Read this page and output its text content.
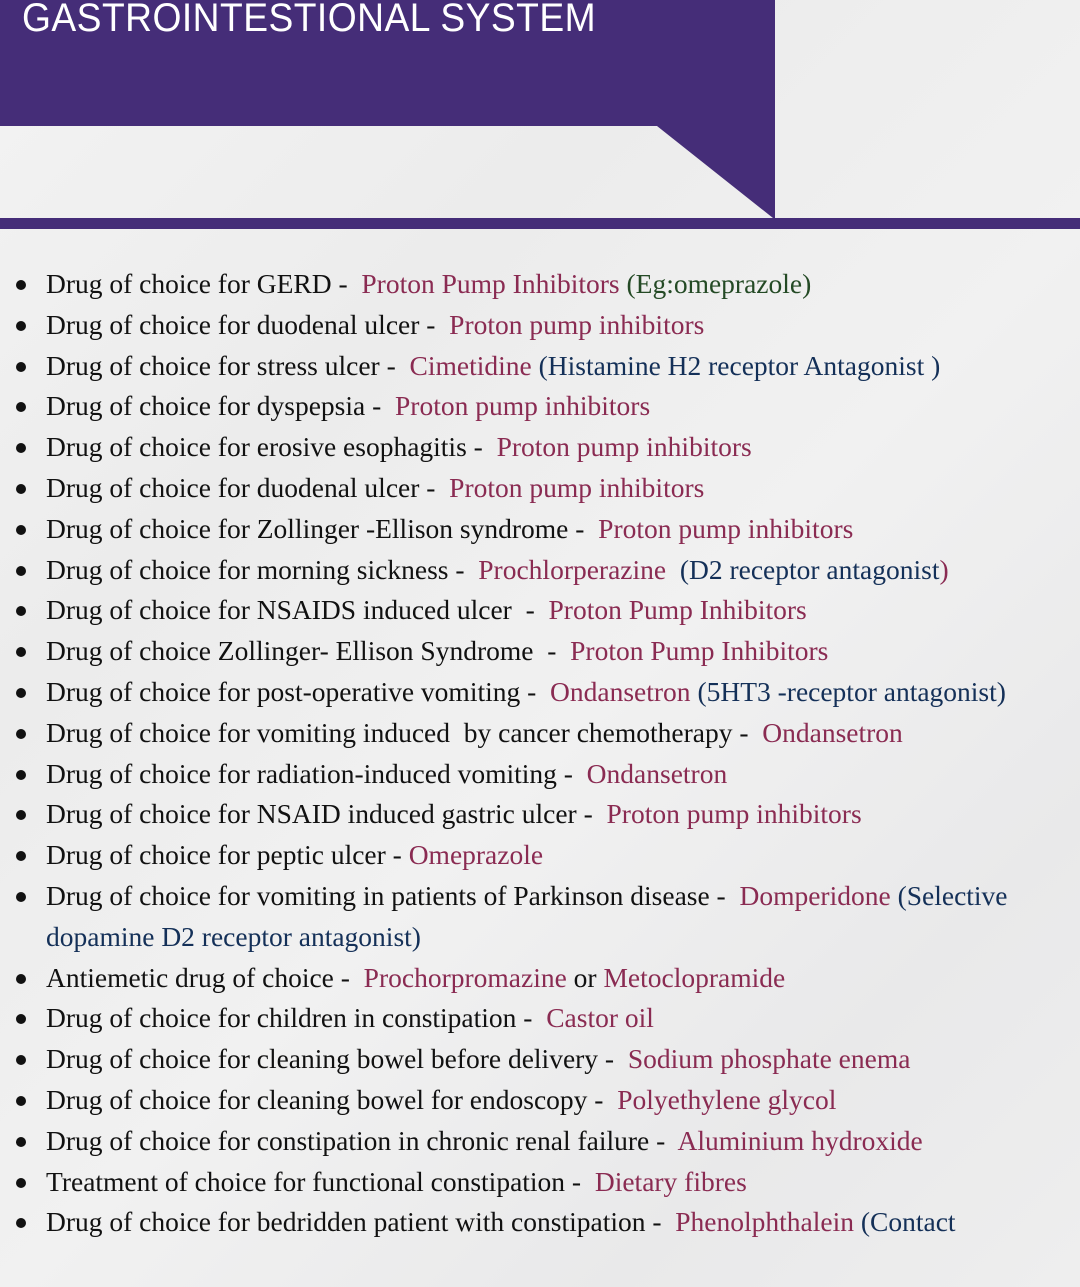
GASTROINTESTIONAL SYSTEM
Drug of choice for GERD -  Proton Pump Inhibitors (Eg:omeprazole)
Drug of choice for duodenal ulcer -  Proton pump inhibitors
Drug of choice for stress ulcer -  Cimetidine (Histamine H2 receptor Antagonist )
Drug of choice for dyspepsia -  Proton pump inhibitors
Drug of choice for erosive esophagitis -  Proton pump inhibitors
Drug of choice for duodenal ulcer -  Proton pump inhibitors
Drug of choice for Zollinger -Ellison syndrome -  Proton pump inhibitors
Drug of choice for morning sickness -  Prochlorperazine (D2 receptor antagonist)
Drug of choice for NSAIDS induced ulcer  -  Proton Pump Inhibitors
Drug of choice Zollinger- Ellison Syndrome  -  Proton Pump Inhibitors
Drug of choice for post-operative vomiting -  Ondansetron (5HT3 -receptor antagonist)
Drug of choice for vomiting induced  by cancer chemotherapy -  Ondansetron
Drug of choice for radiation-induced vomiting -  Ondansetron
Drug of choice for NSAID induced gastric ulcer -  Proton pump inhibitors
Drug of choice for peptic ulcer - Omeprazole
Drug of choice for vomiting in patients of Parkinson disease -  Domperidone (Selective dopamine D2 receptor antagonist)
Antiemetic drug of choice -  Prochorpromazine or Metoclopramide
Drug of choice for children in constipation -  Castor oil
Drug of choice for cleaning bowel before delivery -  Sodium phosphate enema
Drug of choice for cleaning bowel for endoscopy -  Polyethylene glycol
Drug of choice for constipation in chronic renal failure -  Aluminium hydroxide
Treatment of choice for functional constipation -  Dietary fibres
Drug of choice for bedridden patient with constipation -  Phenolphthalein (Contact
